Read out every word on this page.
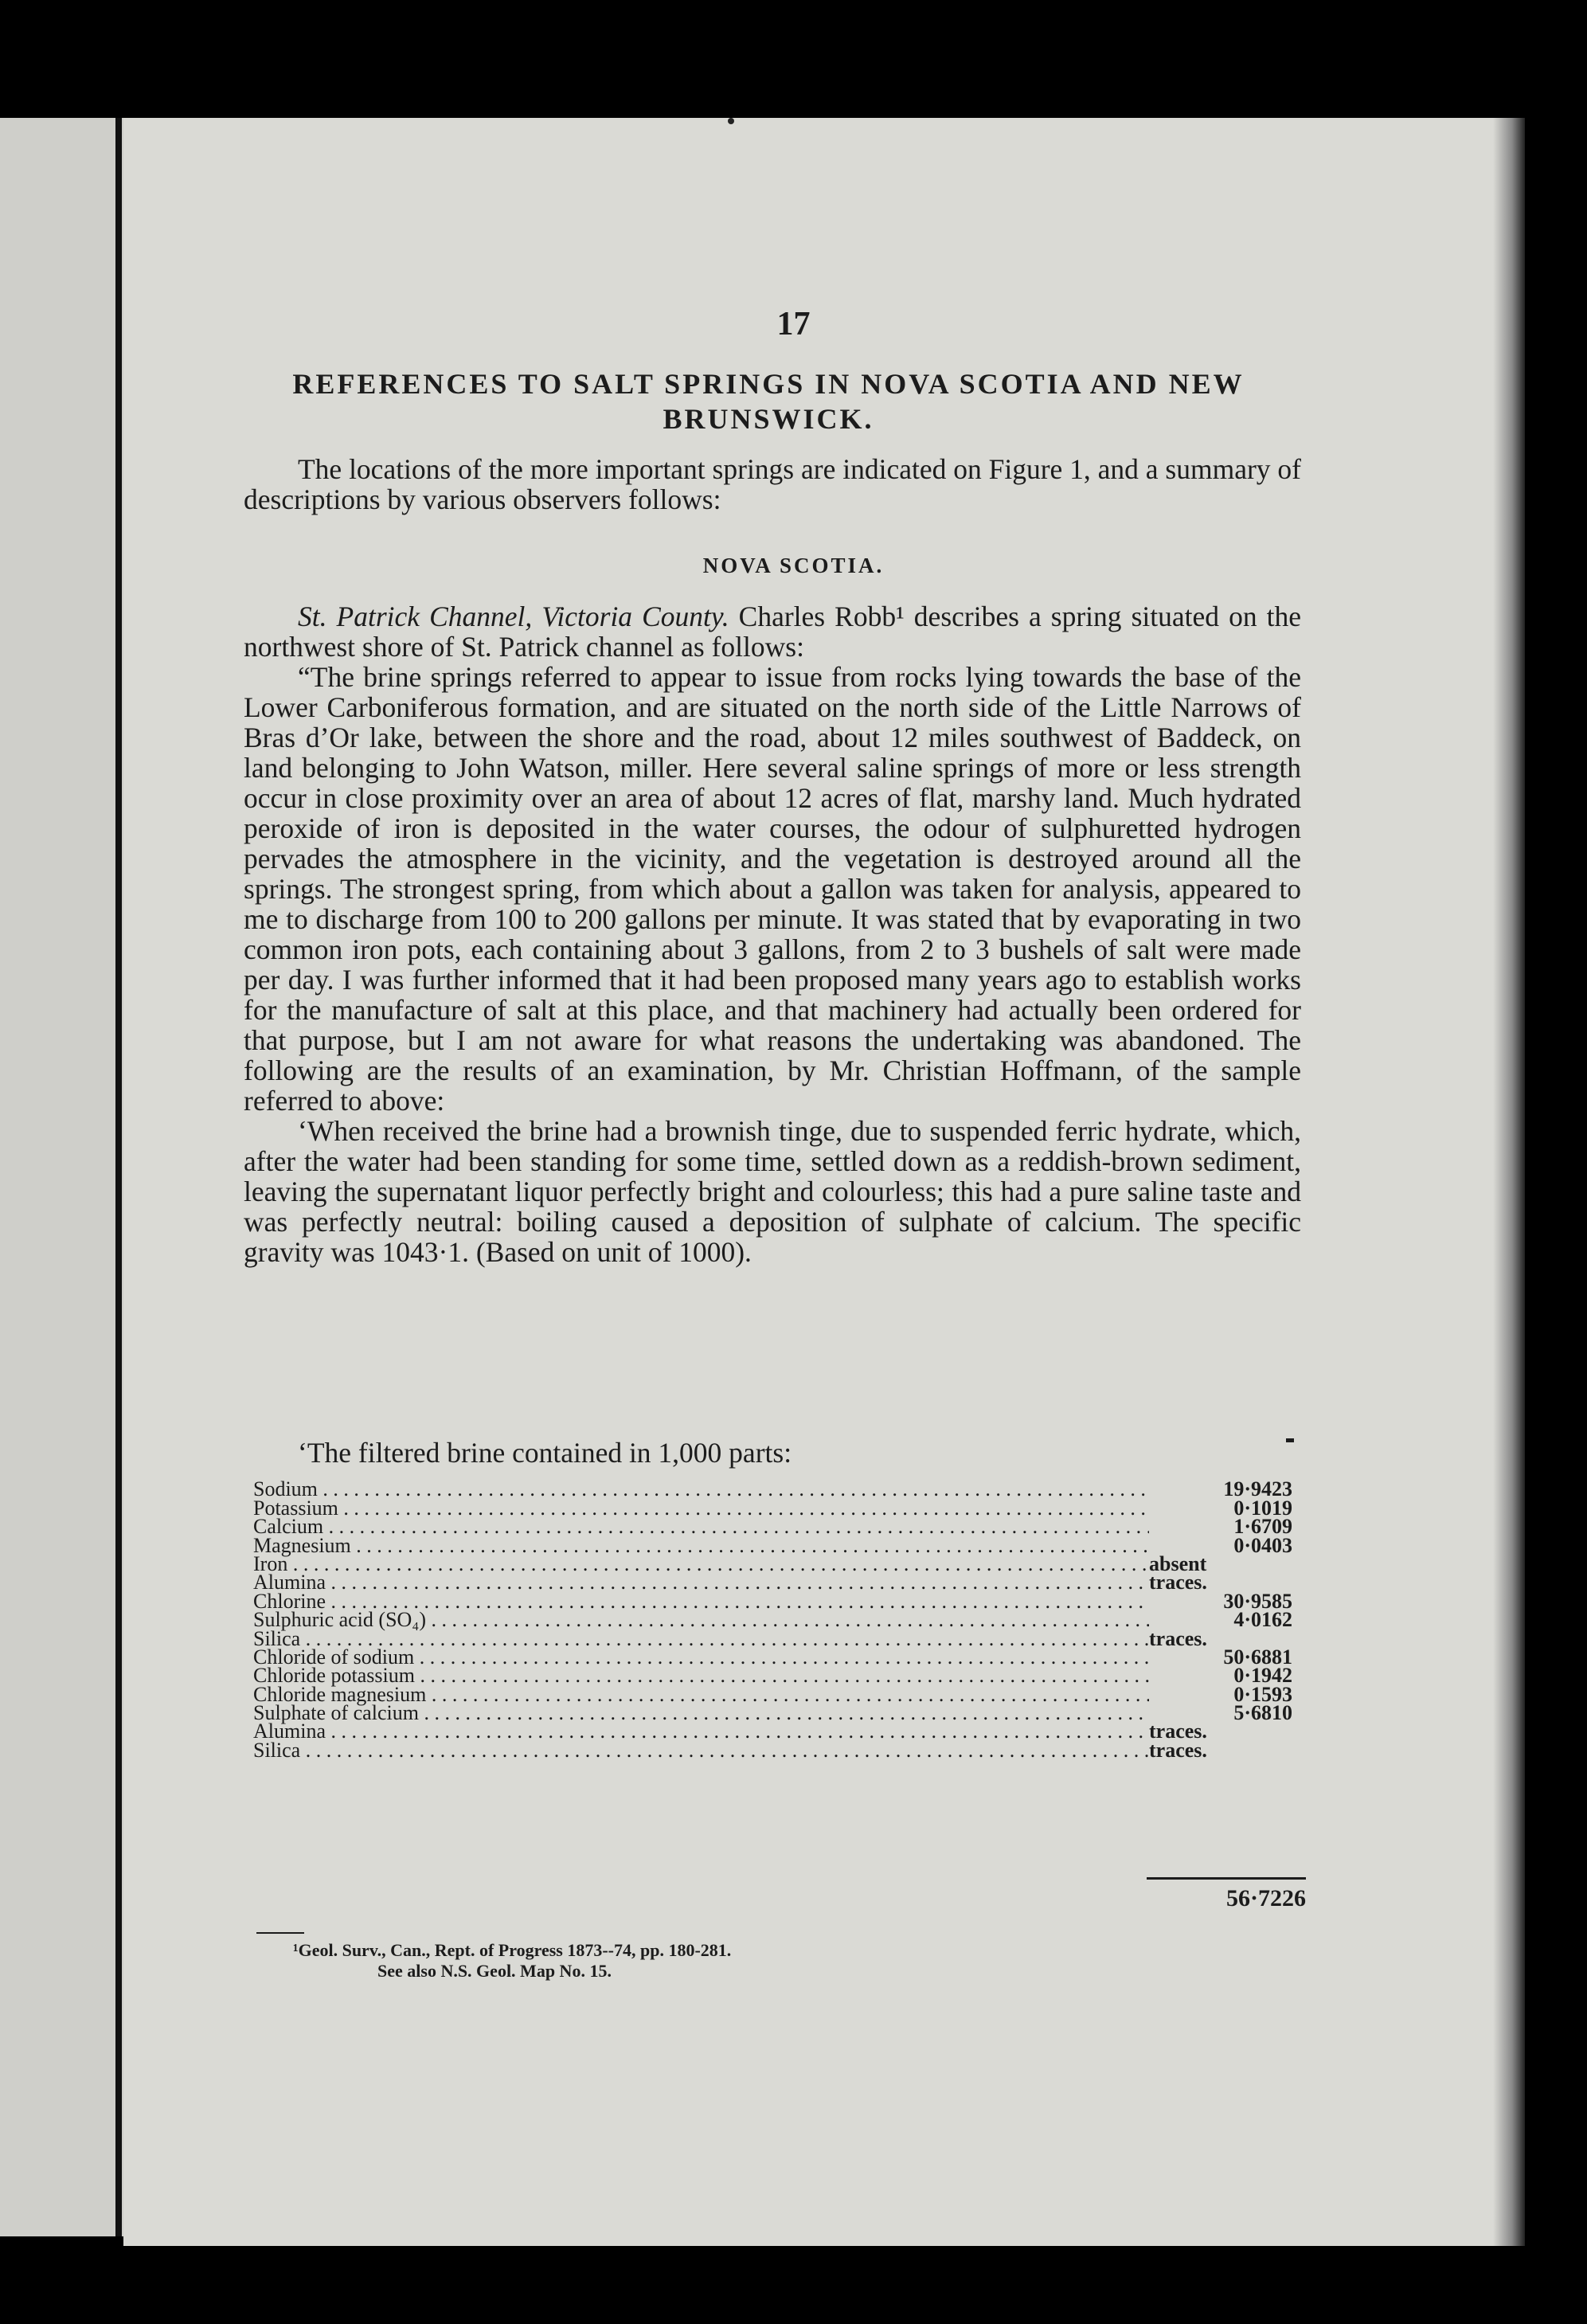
17
REFERENCES TO SALT SPRINGS IN NOVA SCOTIA AND NEW
BRUNSWICK.

The locations of the more important springs are indicated on Figure 1, and a summary of descriptions by various observers follows:

NOVA SCOTIA.

St. Patrick Channel, Victoria County. Charles Robb¹ describes a spring situated on the northwest shore of St. Patrick channel as follows:

“The brine springs referred to appear to issue from rocks lying towards the base of the Lower Carboniferous formation, and are situated on the north side of the Little Narrows of Bras d’Or lake, between the shore and the road, about 12 miles southwest of Baddeck, on land belonging to John Watson, miller. Here several saline springs of more or less strength occur in close proximity over an area of about 12 acres of flat, marshy land. Much hydrated peroxide of iron is deposited in the water courses, the odour of sulphuretted hydrogen pervades the atmosphere in the vicinity, and the vegetation is destroyed around all the springs. The strongest spring, from which about a gallon was taken for analysis, appeared to me to discharge from 100 to 200 gallons per minute. It was stated that by evaporating in two common iron pots, each containing about 3 gallons, from 2 to 3 bushels of salt were made per day. I was further informed that it had been proposed many years ago to establish works for the manufacture of salt at this place, and that machinery had actually been ordered for that purpose, but I am not aware for what reasons the undertaking was abandoned. The following are the results of an examination, by Mr. Christian Hoffmann, of the sample referred to above:

‘When received the brine had a brownish tinge, due to suspended ferric hydrate, which, after the water had been standing for some time, settled down as a reddish-brown sediment, leaving the supernatant liquor perfectly bright and colourless; this had a pure saline taste and was perfectly neutral: boiling caused a deposition of sulphate of calcium. The specific gravity was 1043·1. (Based on unit of 1000).

‘The filtered brine contained in 1,000 parts:

Sodium . . .	19·9423
Potassium . . .	0·1019
Calcium . . .	1·6709
Magnesium . . .	0·0403
Iron . . .	absent
Alumina . . .	traces.
Chlorine . . .	30·9585
Sulphuric acid (SO₄) . . .	4·0162
Silica . . .	traces.
Chloride of sodium . . .	50·6881
Chloride potassium . . .	0·1942
Chloride magnesium . . .	0·1593
Sulphate of calcium . . .	5·6810
Alumina . . .	traces.
Silica . . .	traces.
56·7226
¹Geol. Surv., Can., Rept. of Progress 1873--74, pp. 180-281.
See also N.S. Geol. Map No. 15.
